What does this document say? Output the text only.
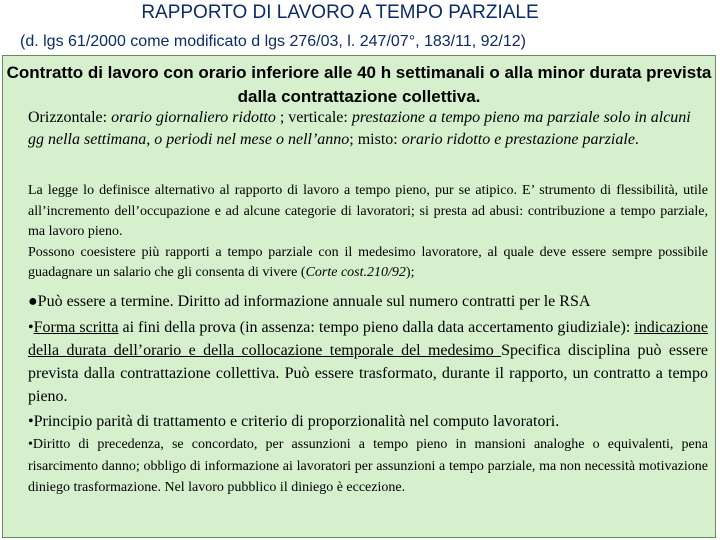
RAPPORTO DI LAVORO A TEMPO PARZIALE
(d. lgs 61/2000 come modificato d lgs 276/03, l. 247/07°, 183/11, 92/12)
Contratto di lavoro con orario inferiore alle 40 h settimanali o alla minor durata prevista dalla contrattazione collettiva.
Orizzontale: orario giornaliero ridotto ; verticale: prestazione a tempo pieno ma parziale solo in alcuni gg nella settimana, o periodi nel mese o nell’anno; misto: orario ridotto e prestazione parziale.
La legge lo definisce alternativo al rapporto di lavoro a tempo pieno, pur se atipico. E’ strumento di flessibilità, utile all’incremento dell’occupazione e ad alcune categorie di lavoratori; si presta ad abusi: contribuzione a tempo parziale, ma lavoro pieno.
Possono coesistere più rapporti a tempo parziale con il medesimo lavoratore, al quale deve essere sempre possibile guadagnare un salario che gli consenta di vivere (Corte cost.210/92);
●Può essere a termine. Diritto ad informazione annuale sul numero contratti per le RSA
•Forma scritta ai fini della prova (in assenza: tempo pieno dalla data accertamento giudiziale): indicazione della durata dell’orario e della collocazione temporale del medesimo Specifica disciplina può essere prevista dalla contrattazione collettiva. Può essere trasformato, durante il rapporto, un contratto a tempo pieno.
•Principio parità di trattamento e criterio di proporzionalità nel computo lavoratori.
•Diritto di precedenza, se concordato, per assunzioni a tempo pieno in mansioni analoghe o equivalenti, pena risarcimento danno; obbligo di informazione ai lavoratori per assunzioni a tempo parziale, ma non necessità motivazione diniego trasformazione. Nel lavoro pubblico il diniego è eccezione.
